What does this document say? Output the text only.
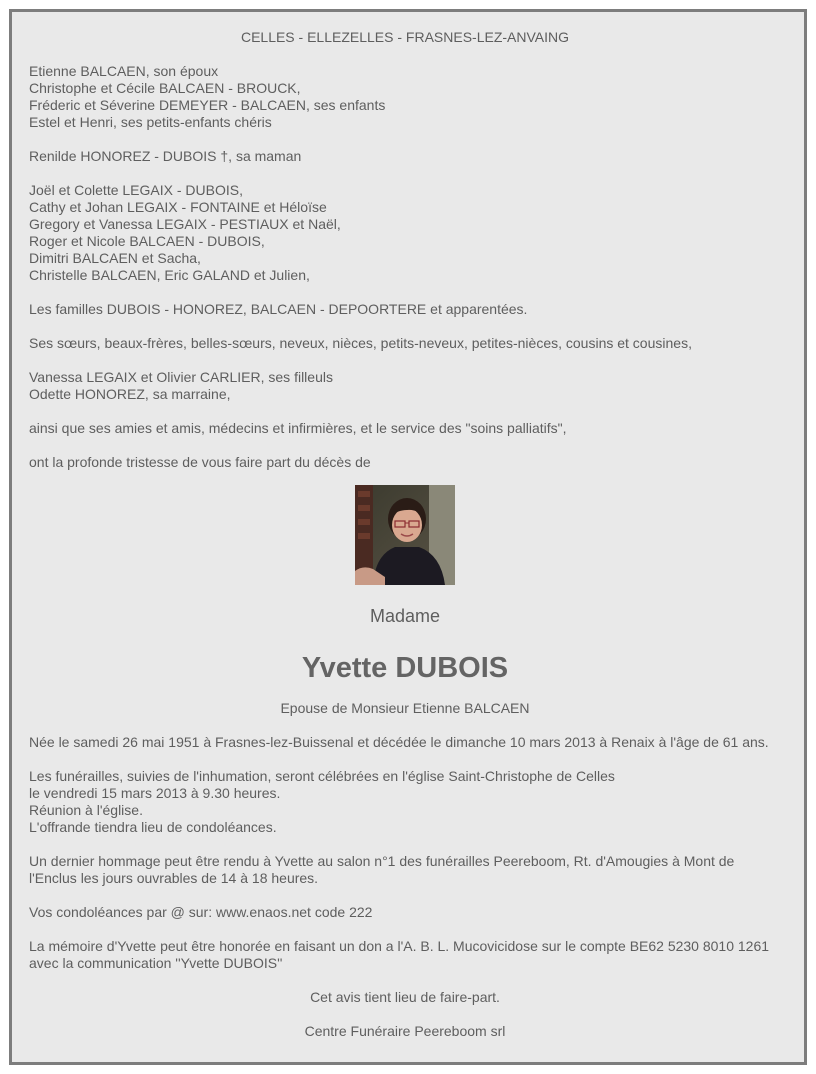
CELLES - ELLEZELLES - FRASNES-LEZ-ANVAING

Etienne BALCAEN, son époux
Christophe et Cécile BALCAEN - BROUCK,
Fréderic et Séverine DEMEYER - BALCAEN, ses enfants
Estel et Henri, ses petits-enfants chéris

Renilde HONOREZ - DUBOIS †, sa maman

Joël et Colette LEGAIX - DUBOIS,
Cathy et Johan LEGAIX - FONTAINE et Héloïse
Gregory et Vanessa LEGAIX - PESTIAUX et Naël,
Roger et Nicole BALCAEN - DUBOIS,
Dimitri BALCAEN et Sacha,
Christelle BALCAEN, Eric GALAND et Julien,

Les familles DUBOIS - HONOREZ, BALCAEN - DEPOORTERE et apparentées.

Ses sœurs, beaux-frères, belles-sœurs, neveux, nièces, petits-neveux, petites-nièces, cousins et cousines,

Vanessa LEGAIX et Olivier CARLIER, ses filleuls
Odette HONOREZ, sa marraine,

ainsi que ses amies et amis, médecins et infirmières, et le service des "soins palliatifs",

ont la profonde tristesse de vous faire part du décès de

Madame

Yvette DUBOIS

Epouse de Monsieur Etienne BALCAEN

Née le samedi 26 mai 1951 à Frasnes-lez-Buissenal et décédée le dimanche 10 mars 2013 à Renaix à l'âge de 61 ans.

Les funérailles, suivies de l'inhumation, seront célébrées en l'église Saint-Christophe de Celles
le vendredi 15 mars 2013 à 9.30 heures.
Réunion à l'église.
L'offrande tiendra lieu de condoléances.

Un dernier hommage peut être rendu à Yvette au salon n°1 des funérailles Peereboom, Rt. d'Amougies à Mont de l'Enclus les jours ouvrables de 14 à 18 heures.

Vos condoléances par @ sur: www.enaos.net code 222

La mémoire d'Yvette peut être honorée en faisant un don a l'A. B. L. Mucovicidose sur le compte BE62 5230 8010 1261 avec la communication ''Yvette DUBOIS''

Cet avis tient lieu de faire-part.

Centre Funéraire Peereboom srl
